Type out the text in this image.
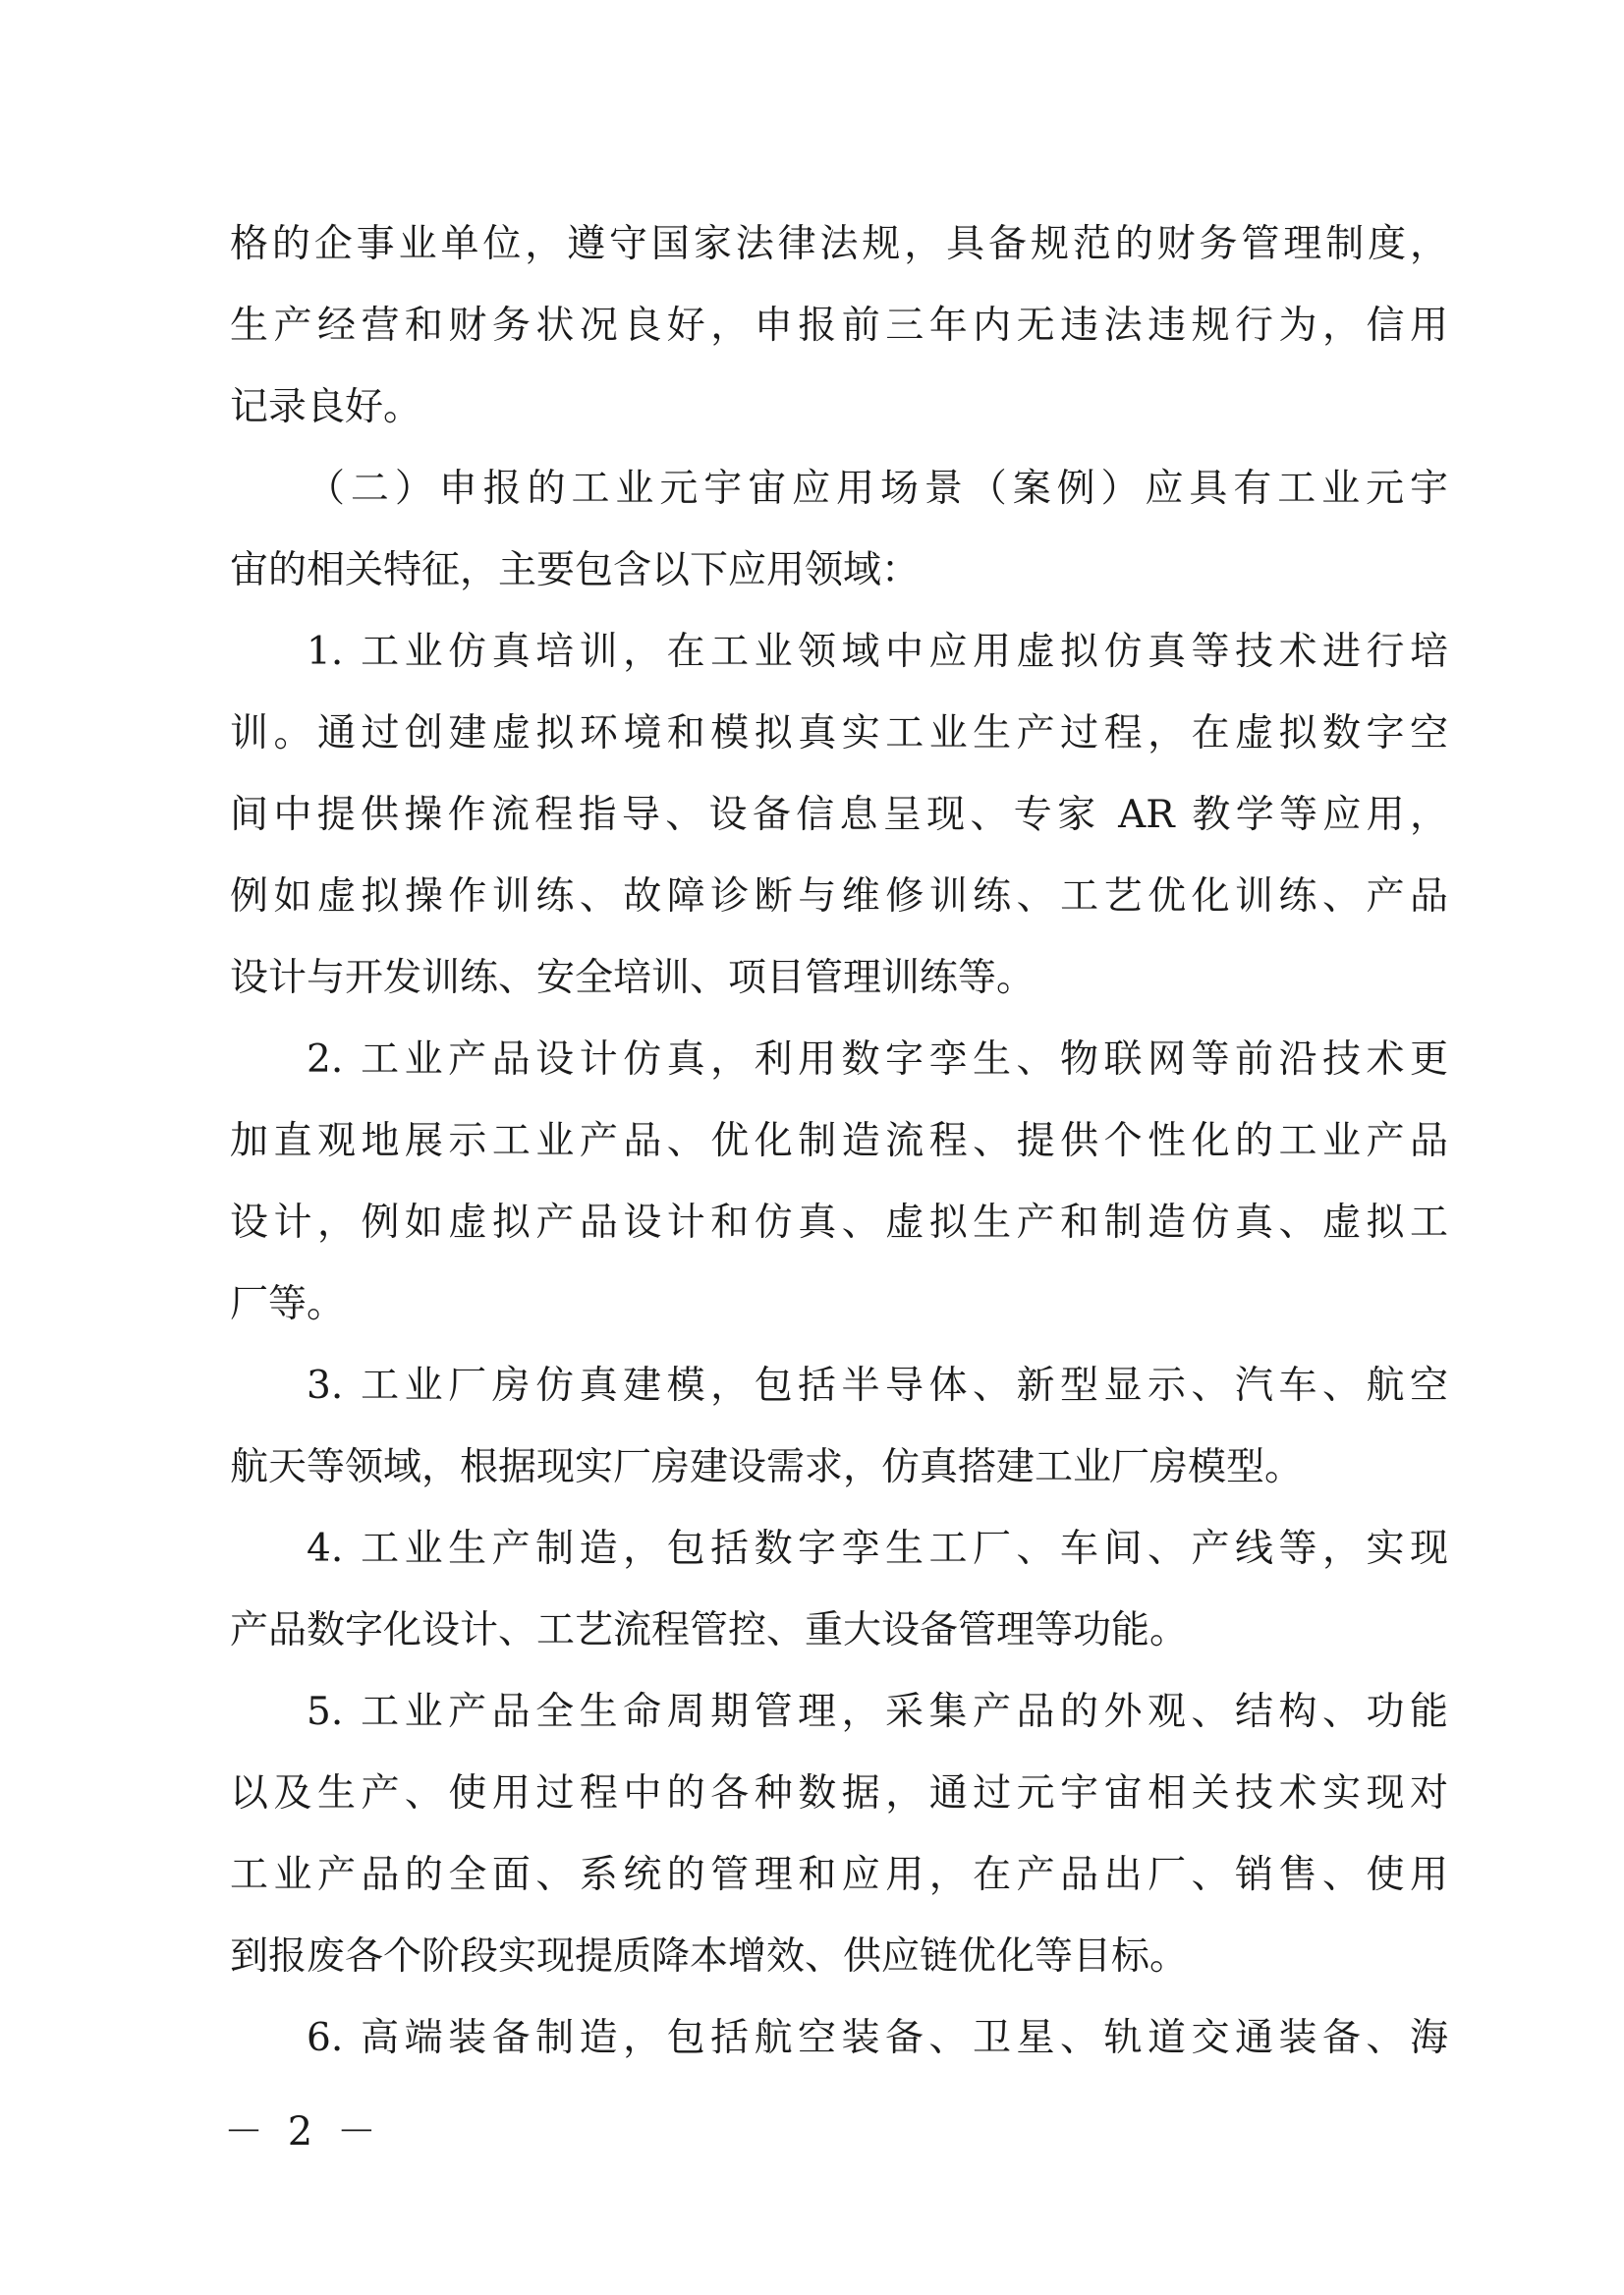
格的企事业单位，遵守国家法律法规，具备规范的财务管理制度，
生产经营和财务状况良好，申报前三年内无违法违规行为，信用
记录良好。
（二）申报的工业元宇宙应用场景（案例）应具有工业元宇
宙的相关特征，主要包含以下应用领域：
1. 工业仿真培训，在工业领域中应用虚拟仿真等技术进行培
训。通过创建虚拟环境和模拟真实工业生产过程，在虚拟数字空
间中提供操作流程指导、设备信息呈现、专家 AR 教学等应用，
例如虚拟操作训练、故障诊断与维修训练、工艺优化训练、产品
设计与开发训练、安全培训、项目管理训练等。
2. 工业产品设计仿真，利用数字孪生、物联网等前沿技术更
加直观地展示工业产品、优化制造流程、提供个性化的工业产品
设计，例如虚拟产品设计和仿真、虚拟生产和制造仿真、虚拟工
厂等。
3. 工业厂房仿真建模，包括半导体、新型显示、汽车、航空
航天等领域，根据现实厂房建设需求，仿真搭建工业厂房模型。
4. 工业生产制造，包括数字孪生工厂、车间、产线等，实现
产品数字化设计、工艺流程管控、重大设备管理等功能。
5. 工业产品全生命周期管理，采集产品的外观、结构、功能
以及生产、使用过程中的各种数据，通过元宇宙相关技术实现对
工业产品的全面、系统的管理和应用，在产品出厂、销售、使用
到报废各个阶段实现提质降本增效、供应链优化等目标。
6. 高端装备制造，包括航空装备、卫星、轨道交通装备、海
－ 2 －
